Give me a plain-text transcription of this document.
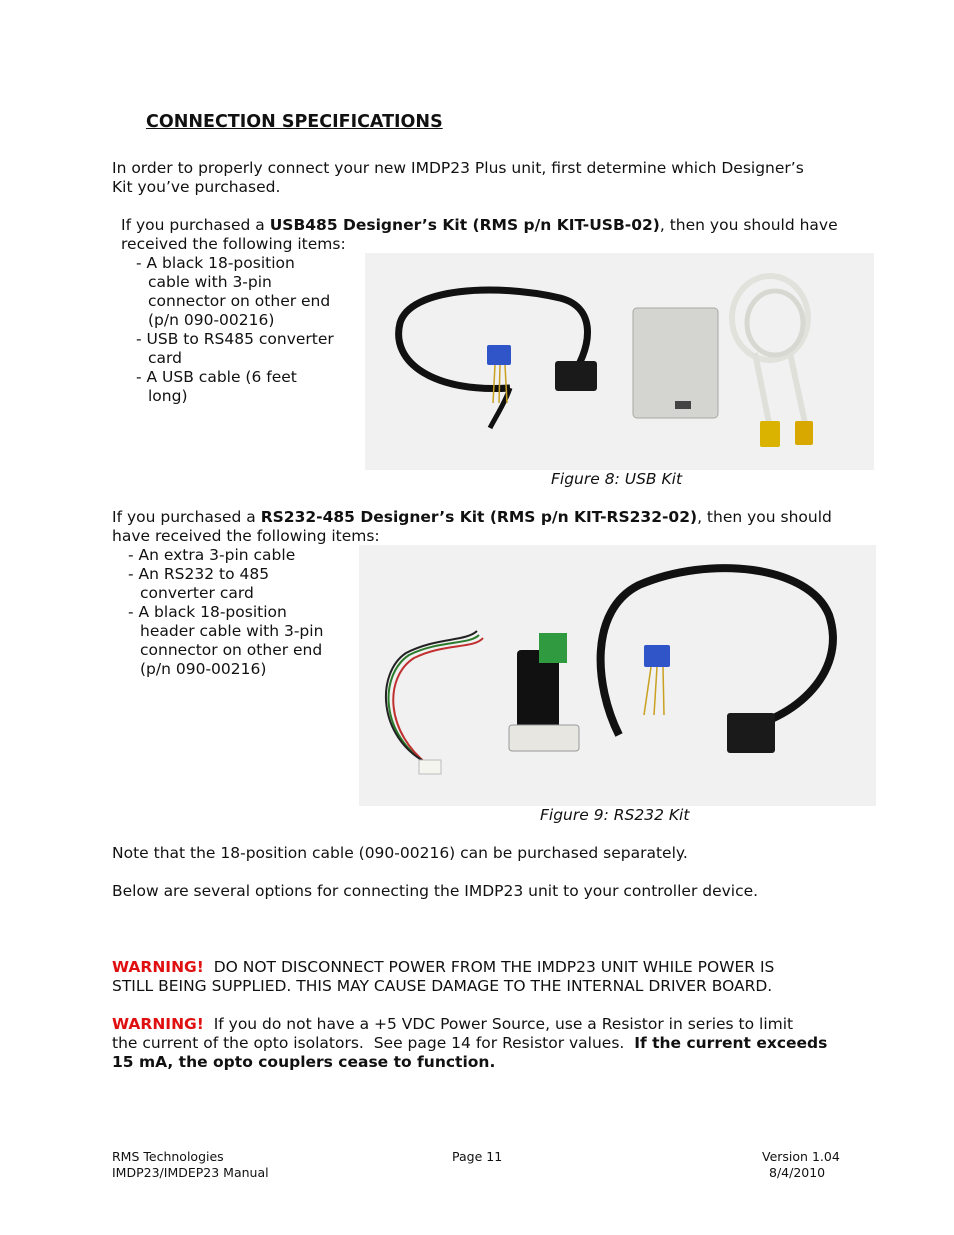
CONNECTION SPECIFICATIONS
In order to properly connect your new IMDP23 Plus unit, first determine which Designer’s
Kit you’ve purchased.
If you purchased a USB485 Designer’s Kit (RMS p/n KIT-USB-02), then you should have
received the following items:
- A black 18-position
cable with 3-pin
connector on other end
(p/n 090-00216)
- USB to RS485 converter
card
- A USB cable (6 feet
long)
Figure 8: USB Kit
If you purchased a RS232-485 Designer’s Kit (RMS p/n KIT-RS232-02), then you should
have received the following items:
- An extra 3-pin cable
- An RS232 to 485
converter card
- A black 18-position
header cable with 3-pin
connector on other end
(p/n 090-00216)
Figure 9: RS232 Kit
Note that the 18-position cable (090-00216) can be purchased separately.
Below are several options for connecting the IMDP23 unit to your controller device.
WARNING!  DO NOT DISCONNECT POWER FROM THE IMDP23 UNIT WHILE POWER IS
STILL BEING SUPPLIED. THIS MAY CAUSE DAMAGE TO THE INTERNAL DRIVER BOARD.
WARNING!  If you do not have a +5 VDC Power Source, use a Resistor in series to limit
the current of the opto isolators.  See page 14 for Resistor values.  If the current exceeds
15 mA, the opto couplers cease to function.
RMS Technologies
IMDP23/IMDEP23 Manual
Page 11	Version 1.04
8/4/2010
